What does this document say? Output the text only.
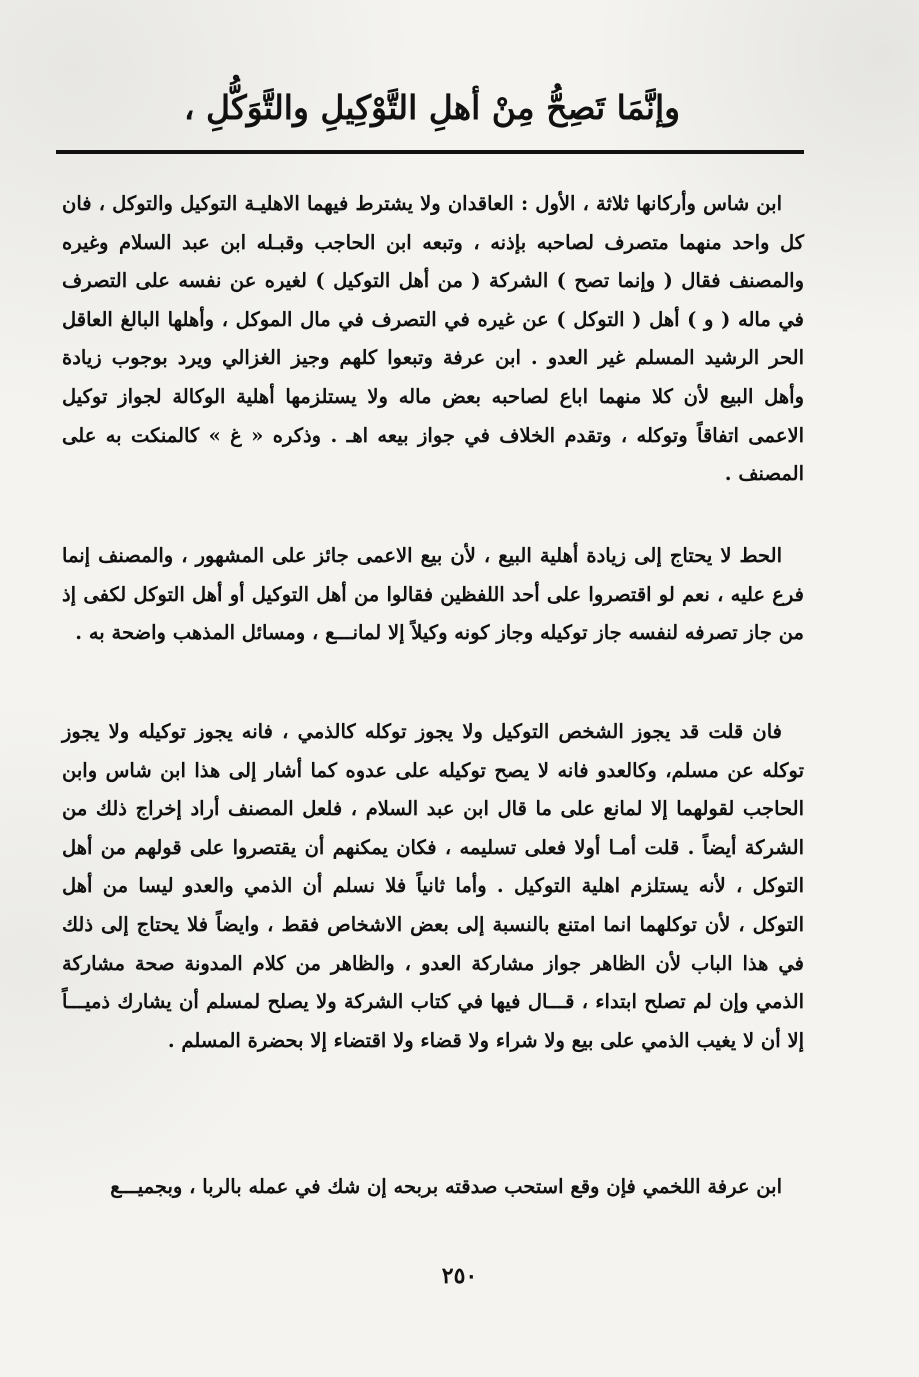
وإنَّمَا تَصِحُّ مِنْ أهلِ التَّوْكِيلِ والتَّوَكُّلِ ،

ابن شاس وأركانها ثلاثة ، الأول : العاقدان ولا يشترط فيهما الاهليـة التوكيل والتوكل ، فان كل واحد منهما متصرف لصاحبه بإذنه ، وتبعه ابن الحاجب وقبـله ابن عبد السلام وغيره والمصنف فقال ( وإنما تصح ) الشركة ( من أهل التوكيل ) لغيره عن نفسه على التصرف في ماله ( و ) أهل ( التوكل ) عن غيره في التصرف في مال الموكل ، وأهلها البالغ العاقل الحر الرشيد المسلم غير العدو . ابن عرفة وتبعوا كلهم وجيز الغزالي ويرد بوجوب زيادة وأهل البيع لأن كلا منهما اباع لصاحبه بعض ماله ولا يستلزمها أهلية الوكالة لجواز توكيل الاعمى اتفاقاً وتوكله ، وتقدم الخلاف في جواز بيعه اهـ . وذكره « غ » كالمنكت به على المصنف .

الحط لا يحتاج إلى زيادة أهلية البيع ، لأن بيع الاعمى جائز على المشهور ، والمصنف إنما فرع عليه ، نعم لو اقتصروا على أحد اللفظين فقالوا من أهل التوكيل أو أهل التوكل لكفى إذ من جاز تصرفه لنفسه جاز توكيله وجاز كونه وكيلاً إلا لمانـــع ، ومسائل المذهب واضحة به .

فان قلت قد يجوز الشخص التوكيل ولا يجوز توكله كالذمي ، فانه يجوز توكيله ولا يجوز توكله عن مسلم، وكالعدو فانه لا يصح توكيله على عدوه كما أشار إلى هذا ابن شاس وابن الحاجب لقولهما إلا لمانع على ما قال ابن عبد السلام ، فلعل المصنف أراد إخراج ذلك من الشركة أيضاً . قلت أمـا أولا فعلى تسليمه ، فكان يمكنهم أن يقتصروا على قولهم من أهل التوكل ، لأنه يستلزم اهلية التوكيل . وأما ثانياً فلا نسلم أن الذمي والعدو ليسا من أهل التوكل ، لأن توكلهما انما امتنع بالنسبة إلى بعض الاشخاص فقط ، وايضاً فلا يحتاج إلى ذلك في هذا الباب لأن الظاهر جواز مشاركة العدو ، والظاهر من كلام المدونة صحة مشاركة الذمي وإن لم تصلح ابتداء ، قـــال فيها في كتاب الشركة ولا يصلح لمسلم أن يشارك ذميـــاً إلا أن لا يغيب الذمي على بيع ولا شراء ولا قضاء ولا اقتضاء إلا بحضرة المسلم .

ابن عرفة اللخمي فإن وقع استحب صدقته بربحه إن شك في عمله بالربا ، وبجميـــع

٢٥٠
